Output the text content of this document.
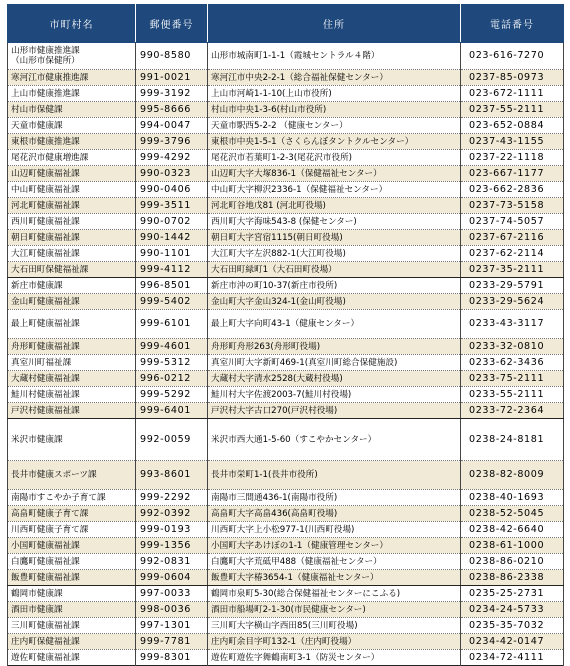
市町村名	郵便番号	住所	電話番号
山形市健康推進課
（山形市保健所）	990-8580	山形市城南町1-1-1（霞城セントラル４階）	023-616-7270
寒河江市健康推進課	991-0021	寒河江市中央2-2-1（総合福祉保健センター）	0237-85-0973
上山市健康推進課	999-3192	上山市河崎1-1-10(上山市役所)	023-672-1111
村山市保健課	995-8666	村山市中央1-3-6(村山市役所)	0237-55-2111
天童市健康課	994-0047	天童市駅西5-2-2 （健康センター）	023-652-0884
東根市健康推進課	999-3796	東根市中央1-5-1（さくらんぼタントクルセンター）	0237-43-1155
尾花沢市健康増進課	999-4292	尾花沢市若葉町1-2-3(尾花沢市役所)	0237-22-1118
山辺町健康福祉課	990-0323	山辺町大字大塚836-1（保健福祉センター）	023-667-1177
中山町健康福祉課	990-0406	中山町大字柳沢2336-1（保健福祉センター）	023-662-2836
河北町健康福祉課	999-3511	河北町谷地戊81 (河北町役場)	0237-73-5158
西川町健康福祉課	990-0702	西川町大字海味543-8 (保健センター)	0237-74-5057
朝日町健康福祉課	990-1442	朝日町大字宮宿1115(朝日町役場)	0237-67-2116
大江町健康福祉課	990-1101	大江町大字左沢882-1(大江町役場)	0237-62-2114
大石田町保健福祉課	999-4112	大石田町緑町1（大石田町役場）	0237-35-2111
新庄市健康課	996-8501	新庄市沖の町10-37(新庄市役所)	0233-29-5791
金山町健康福祉課	999-5402	金山町大字金山324-1(金山町役場)	0233-29-5624
最上町健康福祉課	999-6101	最上町大字向町43-1（健康センター）	0233-43-3117
舟形町健康福祉課	999-4601	舟形町舟形263(舟形町役場)	0233-32-0810
真室川町福祉課	999-5312	真室川町大字新町469-1(真室川町総合保健施設)	0233-62-3436
大蔵村健康福祉課	996-0212	大蔵村大字清水2528(大蔵村役場)	0233-75-2111
鮭川村健康福祉課	999-5292	鮭川村大字佐渡2003-7(鮭川村役場)	0233-55-2111
戸沢村健康福祉課	999-6401	戸沢村大字古口270(戸沢村役場)	0233-72-2364
米沢市健康課	992-0059	米沢市西大通1-5-60（すこやかセンター）	0238-24-8181
長井市健康スポーツ課	993-8601	長井市栄町1-1(長井市役所)	0238-82-8009
南陽市すこやか子育て課	999-2292	南陽市三間通436-1(南陽市役所)	0238-40-1693
高畠町健康子育て課	992-0392	高畠町大字高畠436(高畠町役場)	0238-52-5045
川西町健康子育て課	999-0193	川西町大字上小松977-1(川西町役場)	0238-42-6640
小国町健康福祉課	999-1356	小国町大字あけぼの1-1（健康管理センター）	0238-61-1000
白鷹町健康福祉課	992-0831	白鷹町大字荒砥甲488（健康福祉センター）	0238-86-0210
飯豊町健康福祉課	999-0604	飯豊町大字椿3654-1（健康福祉センター）	0238-86-2338
鶴岡市健康課	997-0033	鶴岡市泉町5-30(総合保健福祉センターにこふる)	0235-25-2731
酒田市健康課	998-0036	酒田市船場町2-1-30(市民健康センター)	0234-24-5733
三川町健康福祉課	997-1301	三川町大字横山字西田85(三川町役場)	0235-35-7032
庄内町保健福祉課	999-7781	庄内町余目字町132-1（庄内町役場）	0234-42-0147
遊佐町健康福祉課	999-8301	遊佐町遊佐字舞鶴南町3-1（防災センター）	0234-72-4111
